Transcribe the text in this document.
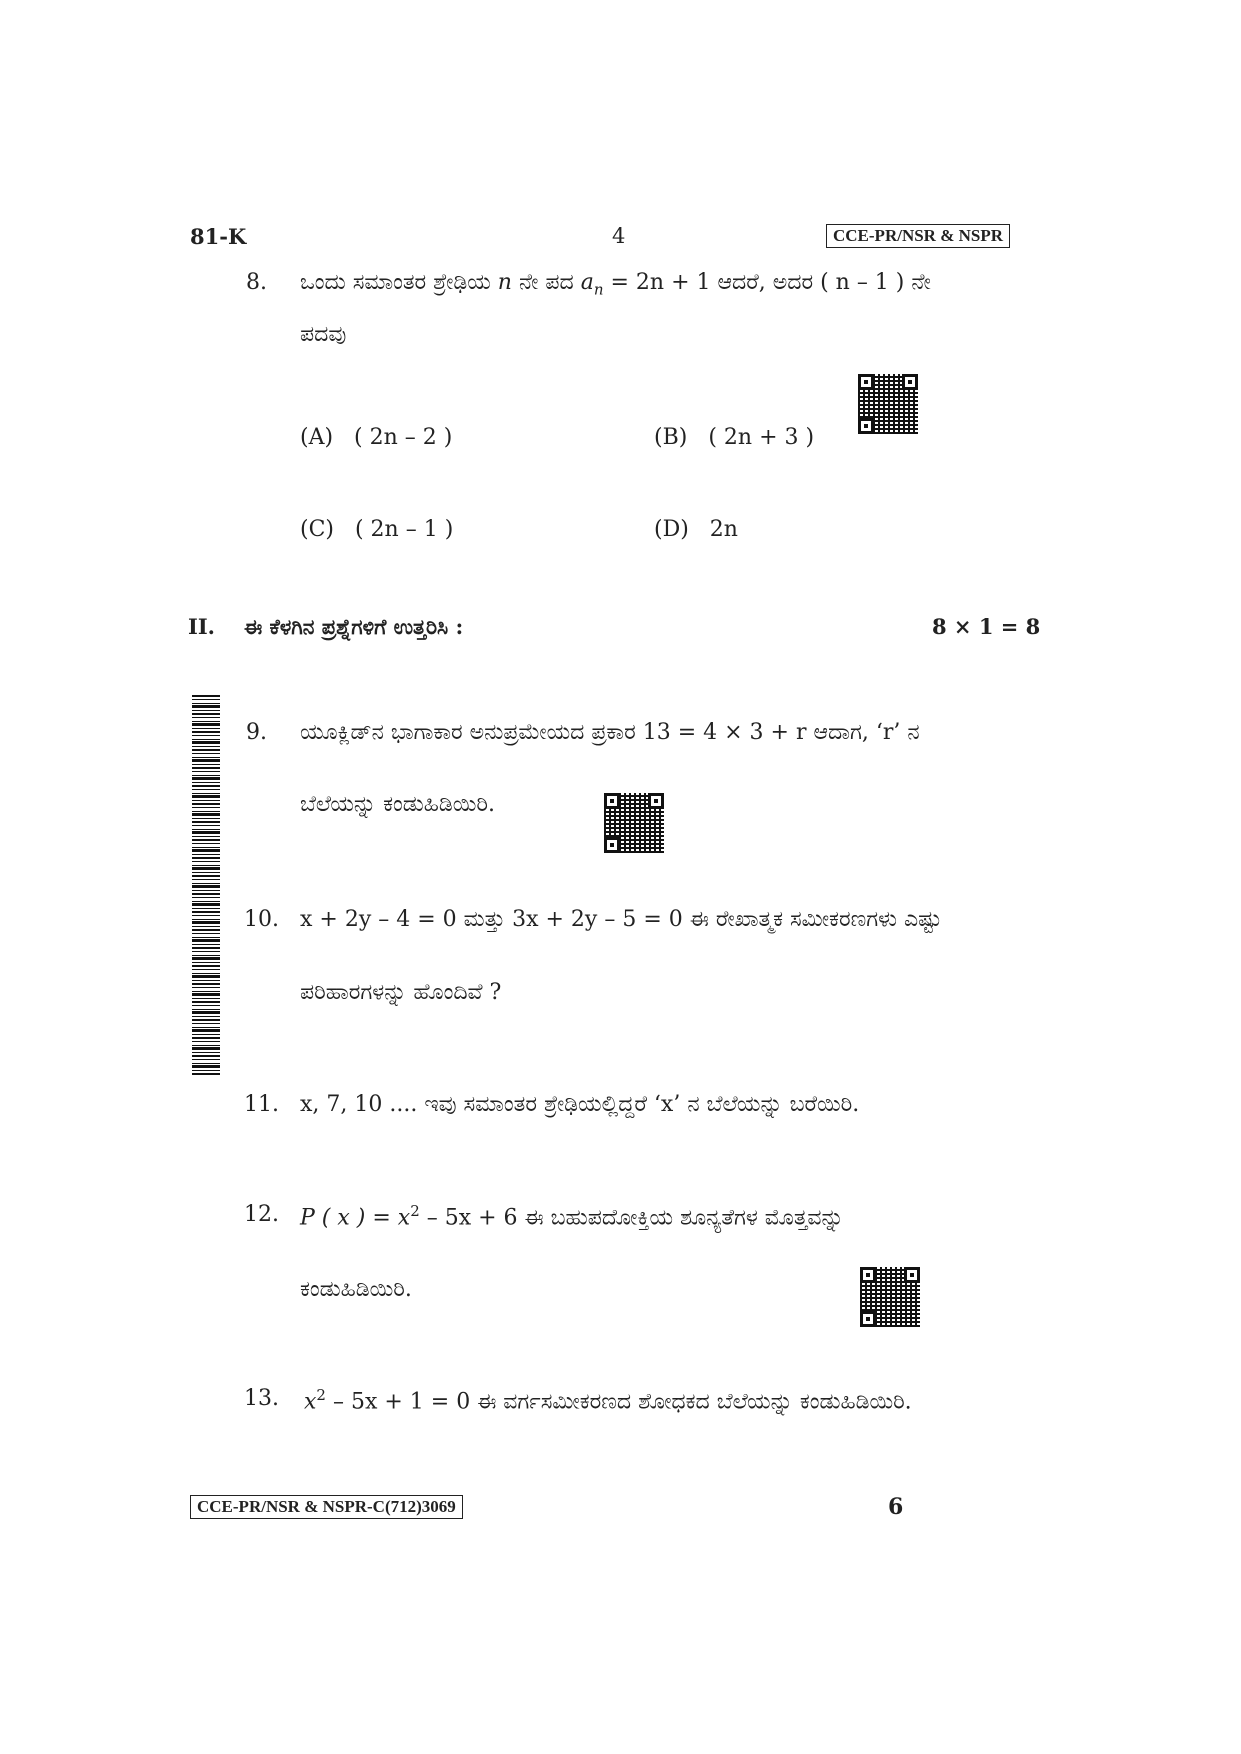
81-K	4	CCE-PR/NSR & NSPR
8. ಒಂದು ಸಮಾಂತರ ಶ್ರೇಢಿಯ n ನೇ ಪದ $a_n = 2n + 1$ ಆದರೆ, ಅದರ ( n – 1 ) ನೇ
ಪದವು
(A) ( 2n – 2 )	(B) ( 2n + 3 )
(C) ( 2n – 1 )	(D) 2n
II. ಈ ಕೆಳಗಿನ ಪ್ರಶ್ನೆಗಳಿಗೆ ಉತ್ತರಿಸಿ :	8 × 1 = 8
9. ಯೂಕ್ಲಿಡ್‌ನ ಭಾಗಾಕಾರ ಅನುಪ್ರಮೇಯದ ಪ್ರಕಾರ 13 = 4 × 3 + r ಆದಾಗ, ‘r’ ನ
ಬೆಲೆಯನ್ನು ಕಂಡುಹಿಡಿಯಿರಿ.
10. x + 2y – 4 = 0 ಮತ್ತು 3x + 2y – 5 = 0 ಈ ರೇಖಾತ್ಮಕ ಸಮೀಕರಣಗಳು ಎಷ್ಟು
ಪರಿಹಾರಗಳನ್ನು ಹೊಂದಿವೆ ?
11. x, 7, 10 .... ಇವು ಸಮಾಂತರ ಶ್ರೇಢಿಯಲ್ಲಿದ್ದರೆ ‘x’ ನ ಬೆಲೆಯನ್ನು ಬರೆಯಿರಿ.
12. P ( x ) = $x^2 - 5x + 6$ ಈ ಬಹುಪದೋಕ್ತಿಯ ಶೂನ್ಯತೆಗಳ ಮೊತ್ತವನ್ನು
ಕಂಡುಹಿಡಿಯಿರಿ.
13. $x^2 - 5x + 1 = 0$ ಈ ವರ್ಗಸಮೀಕರಣದ ಶೋಧಕದ ಬೆಲೆಯನ್ನು ಕಂಡುಹಿಡಿಯಿರಿ.
CCE-PR/NSR & NSPR-C(712)3069	6
